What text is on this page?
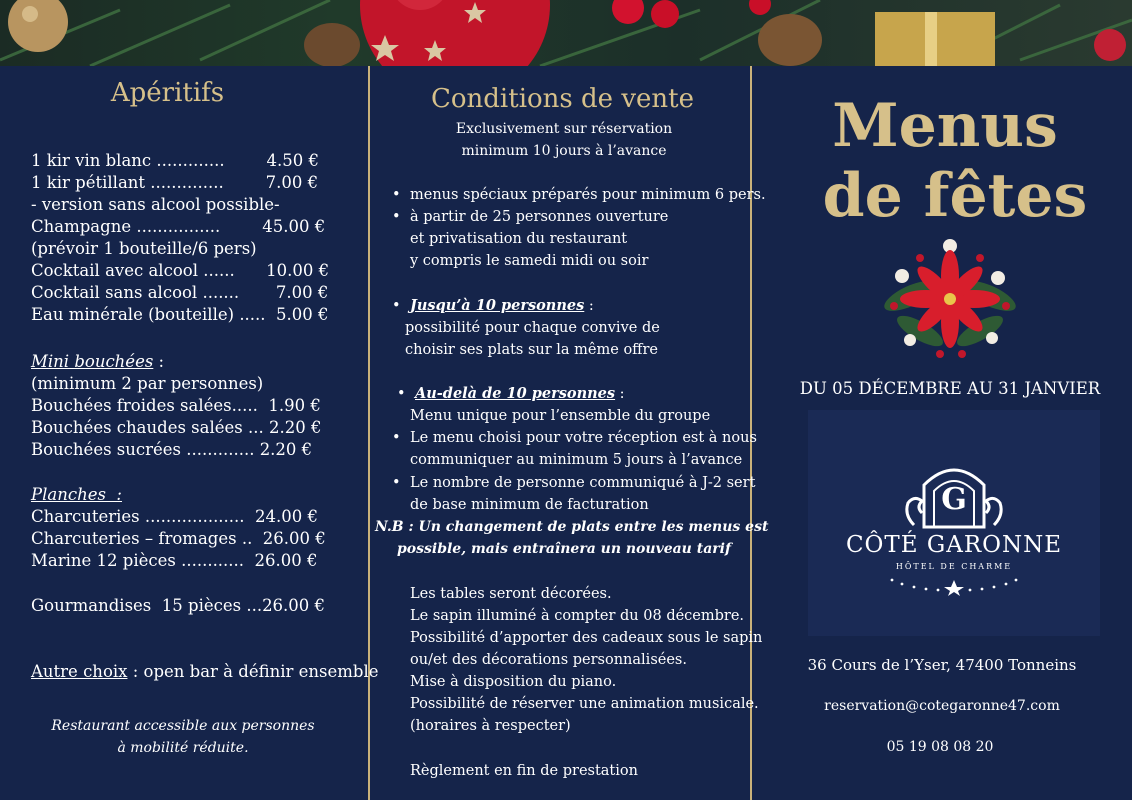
Apéritifs
1 kir vin blanc .............        4.50 €
1 kir pétillant ..............        7.00 €
- version sans alcool possible-
Champagne ................        45.00 €
(prévoir 1 bouteille/6 pers)
Cocktail avec alcool ......      10.00 €
Cocktail sans alcool .......       7.00 €
Eau minérale (bouteille) .....  5.00 €
Mini bouchées :
(minimum 2 par personnes)
Bouchées froides salées.....  1.90 €
Bouchées chaudes salées ... 2.20 €
Bouchées sucrées ............. 2.20 €
Planches  :
Charcuteries ...................  24.00 €
Charcuteries – fromages ..  26.00 €
Marine 12 pièces ............  26.00 €
Gourmandises  15 pièces ...26.00 €
Autre choix : open bar à définir ensemble
Restaurant accessible aux personnes
à mobilité réduite.
Conditions de vente
Exclusivement sur réservation
minimum 10 jours à l’avance
• menus spéciaux préparés pour minimum 6 pers.
• à partir de 25 personnes ouverture
et privatisation du restaurant
y compris le samedi midi ou soir
• Jusqu’à 10 personnes :
possibilité pour chaque convive de
choisir ses plats sur la même offre
• Au-delà de 10 personnes :
Menu unique pour l’ensemble du groupe
• Le menu choisi pour votre réception est à nous
communiquer au minimum 5 jours à l’avance
• Le nombre de personne communiqué à J-2 sert
de base minimum de facturation
N.B : Un changement de plats entre les menus est
possible, mais entraînera un nouveau tarif
Les tables seront décorées.
Le sapin illuminé à compter du 08 décembre.
Possibilité d’apporter des cadeaux sous le sapin
ou/et des décorations personnalisées.
Mise à disposition du piano.
Possibilité de réserver une animation musicale.
(horaires à respecter)
Règlement en fin de prestation
Menus
de fêtes
DU 05 DÉCEMBRE AU 31 JANVIER
G
CÔTÉ GARONNE
HÔTEL DE CHARME
36 Cours de l’Yser, 47400 Tonneins
reservation@cotegaronne47.com
05 19 08 08 20
